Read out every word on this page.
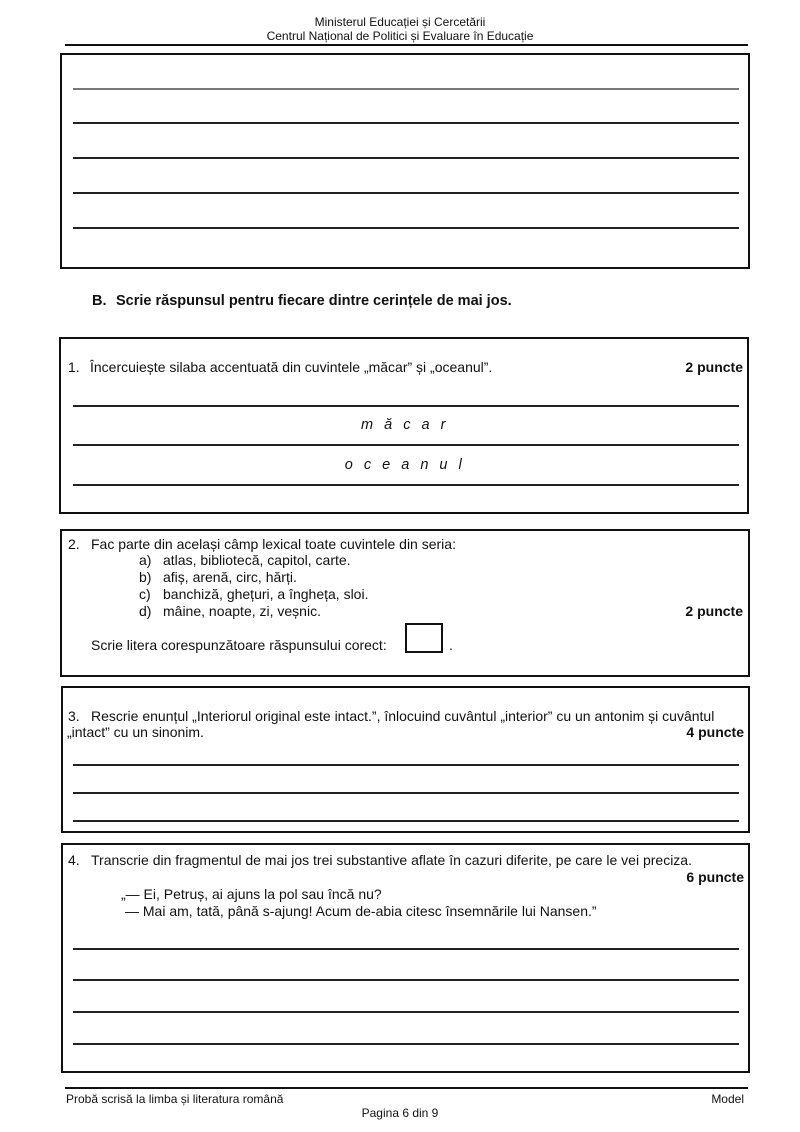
Ministerul Educației și Cercetării
Centrul Național de Politici și Evaluare în Educație
B. Scrie răspunsul pentru fiecare dintre cerințele de mai jos.
1. Încercuiește silaba accentuată din cuvintele „măcar” și „oceanul”.	2 puncte
m ă c a r
o c e a n u l
2. Fac parte din același câmp lexical toate cuvintele din seria:
a) atlas, bibliotecă, capitol, carte.
b) afiș, arenă, circ, hărți.
c) banchiză, ghețuri, a îngheța, sloi.
d) mâine, noapte, zi, veșnic.	2 puncte
Scrie litera corespunzătoare răspunsului corect:	.
3. Rescrie enunțul „Interiorul original este intact.”, înlocuind cuvântul „interior” cu un antonim și cuvântul
„intact” cu un sinonim.	4 puncte
4. Transcrie din fragmentul de mai jos trei substantive aflate în cazuri diferite, pe care le vei preciza.
6 puncte
„— Ei, Petruș, ai ajuns la pol sau încă nu?
— Mai am, tată, până s-ajung! Acum de-abia citesc însemnările lui Nansen.”
Probă scrisă la limba și literatura română	Model
Pagina 6 din 9
